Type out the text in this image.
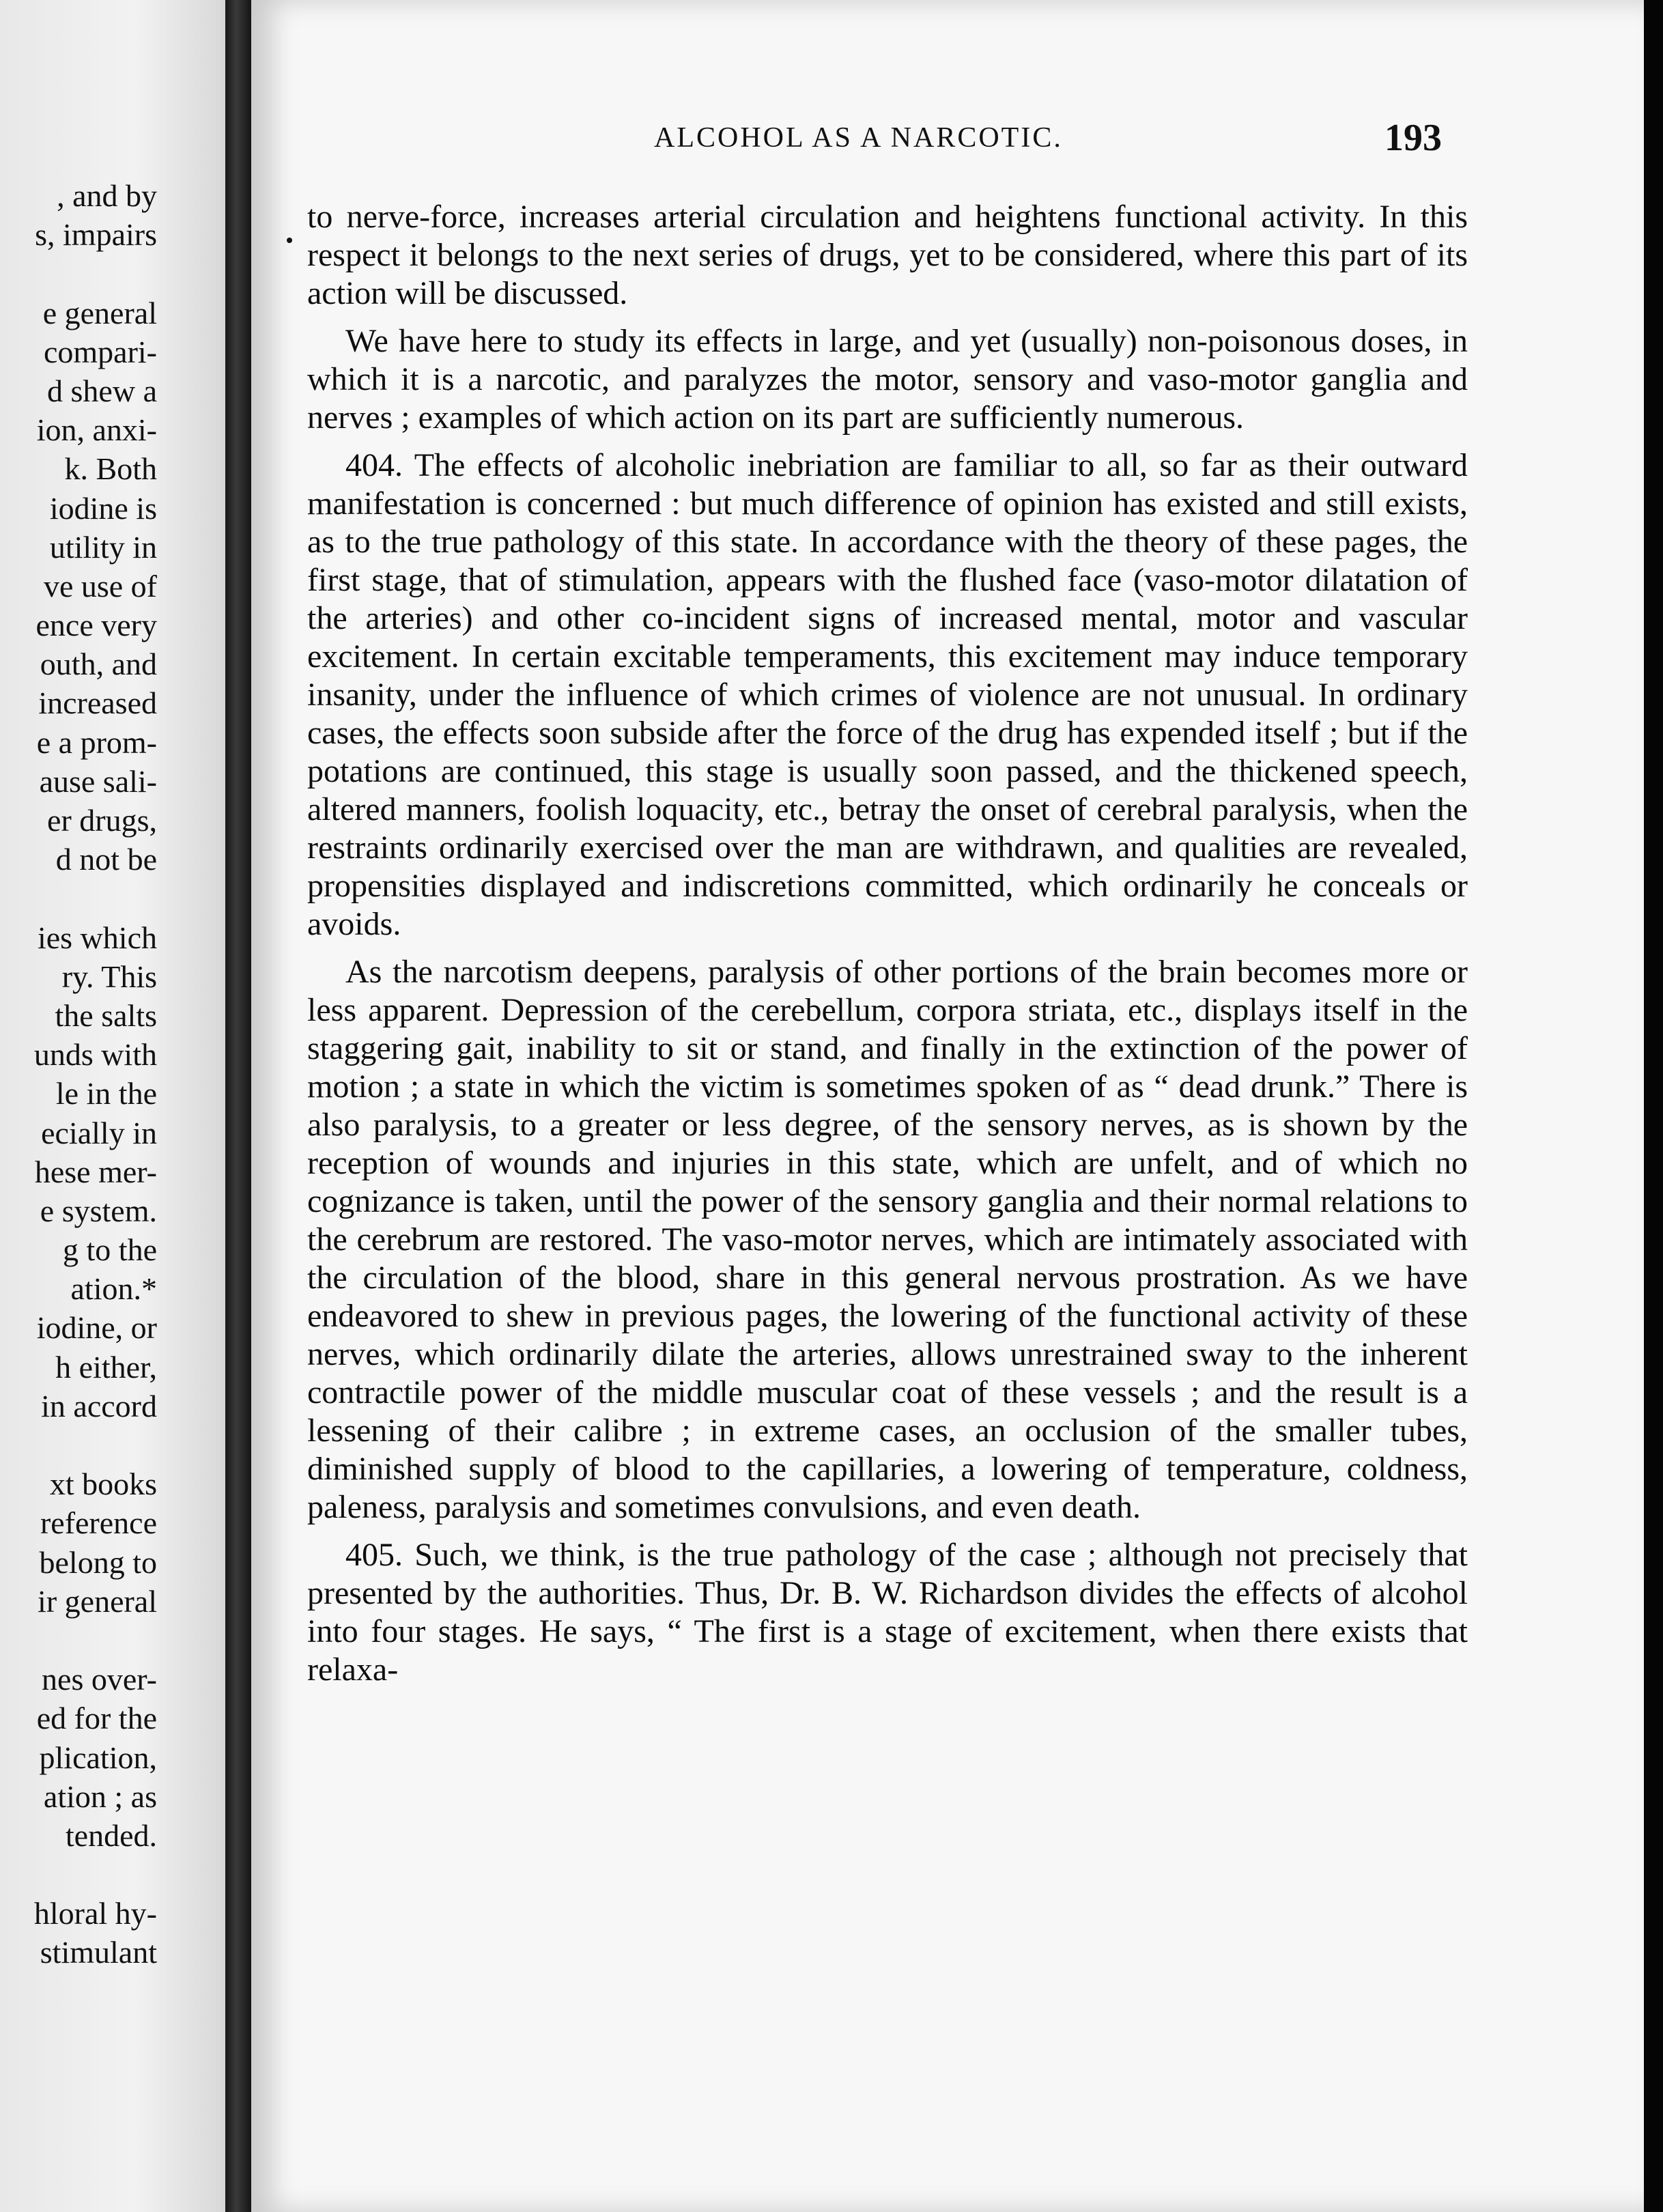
, and by
s, impairs
e general
compari-
d shew a
ion, anxi-
k. Both
iodine is
utility in
ve use of
ence very
outh, and
increased
e a prom-
ause sali-
er drugs,
d not be
ies which
ry. This
the salts
unds with
le in the
ecially in
hese mer-
e system.
g to the
ation.*
iodine, or
h either,
in accord
xt books
reference
belong to
ir general
nes over-
ed for the
plication,
ation ; as
tended.
hloral hy-
stimulant
ALCOHOL AS A NARCOTIC.	193

to nerve-force, increases arterial circulation and heightens functional activity. In this respect it belongs to the next series of drugs, yet to be considered, where this part of its action will be discussed.

We have here to study its effects in large, and yet (usually) non-poisonous doses, in which it is a narcotic, and paralyzes the motor, sensory and vaso-motor ganglia and nerves ; examples of which action on its part are sufficiently numerous.

404. The effects of alcoholic inebriation are familiar to all, so far as their outward manifestation is concerned : but much difference of opinion has existed and still exists, as to the true pathology of this state. In accordance with the theory of these pages, the first stage, that of stimulation, appears with the flushed face (vaso-motor dilatation of the arteries) and other co-incident signs of increased mental, motor and vascular excitement. In certain excitable temperaments, this excitement may induce temporary insanity, under the influence of which crimes of violence are not unusual. In ordinary cases, the effects soon subside after the force of the drug has expended itself ; but if the potations are continued, this stage is usually soon passed, and the thickened speech, altered manners, foolish loquacity, etc., betray the onset of cerebral paralysis, when the restraints ordinarily exercised over the man are withdrawn, and qualities are revealed, propensities displayed and indiscretions committed, which ordinarily he conceals or avoids.

As the narcotism deepens, paralysis of other portions of the brain becomes more or less apparent. Depression of the cerebellum, corpora striata, etc., displays itself in the staggering gait, inability to sit or stand, and finally in the extinction of the power of motion ; a state in which the victim is sometimes spoken of as “ dead drunk.” There is also paralysis, to a greater or less degree, of the sensory nerves, as is shown by the reception of wounds and injuries in this state, which are unfelt, and of which no cognizance is taken, until the power of the sensory ganglia and their normal relations to the cerebrum are restored. The vaso-motor nerves, which are intimately associated with the circulation of the blood, share in this general nervous prostration. As we have endeavored to shew in previous pages, the lowering of the functional activity of these nerves, which ordinarily dilate the arteries, allows unrestrained sway to the inherent contractile power of the middle muscular coat of these vessels ; and the result is a lessening of their calibre ; in extreme cases, an occlusion of the smaller tubes, diminished supply of blood to the capillaries, a lowering of temperature, coldness, paleness, paralysis and sometimes convulsions, and even death.

405. Such, we think, is the true pathology of the case ; although not precisely that presented by the authorities. Thus, Dr. B. W. Richardson divides the effects of alcohol into four stages. He says, “ The first is a stage of excitement, when there exists that relaxa-
